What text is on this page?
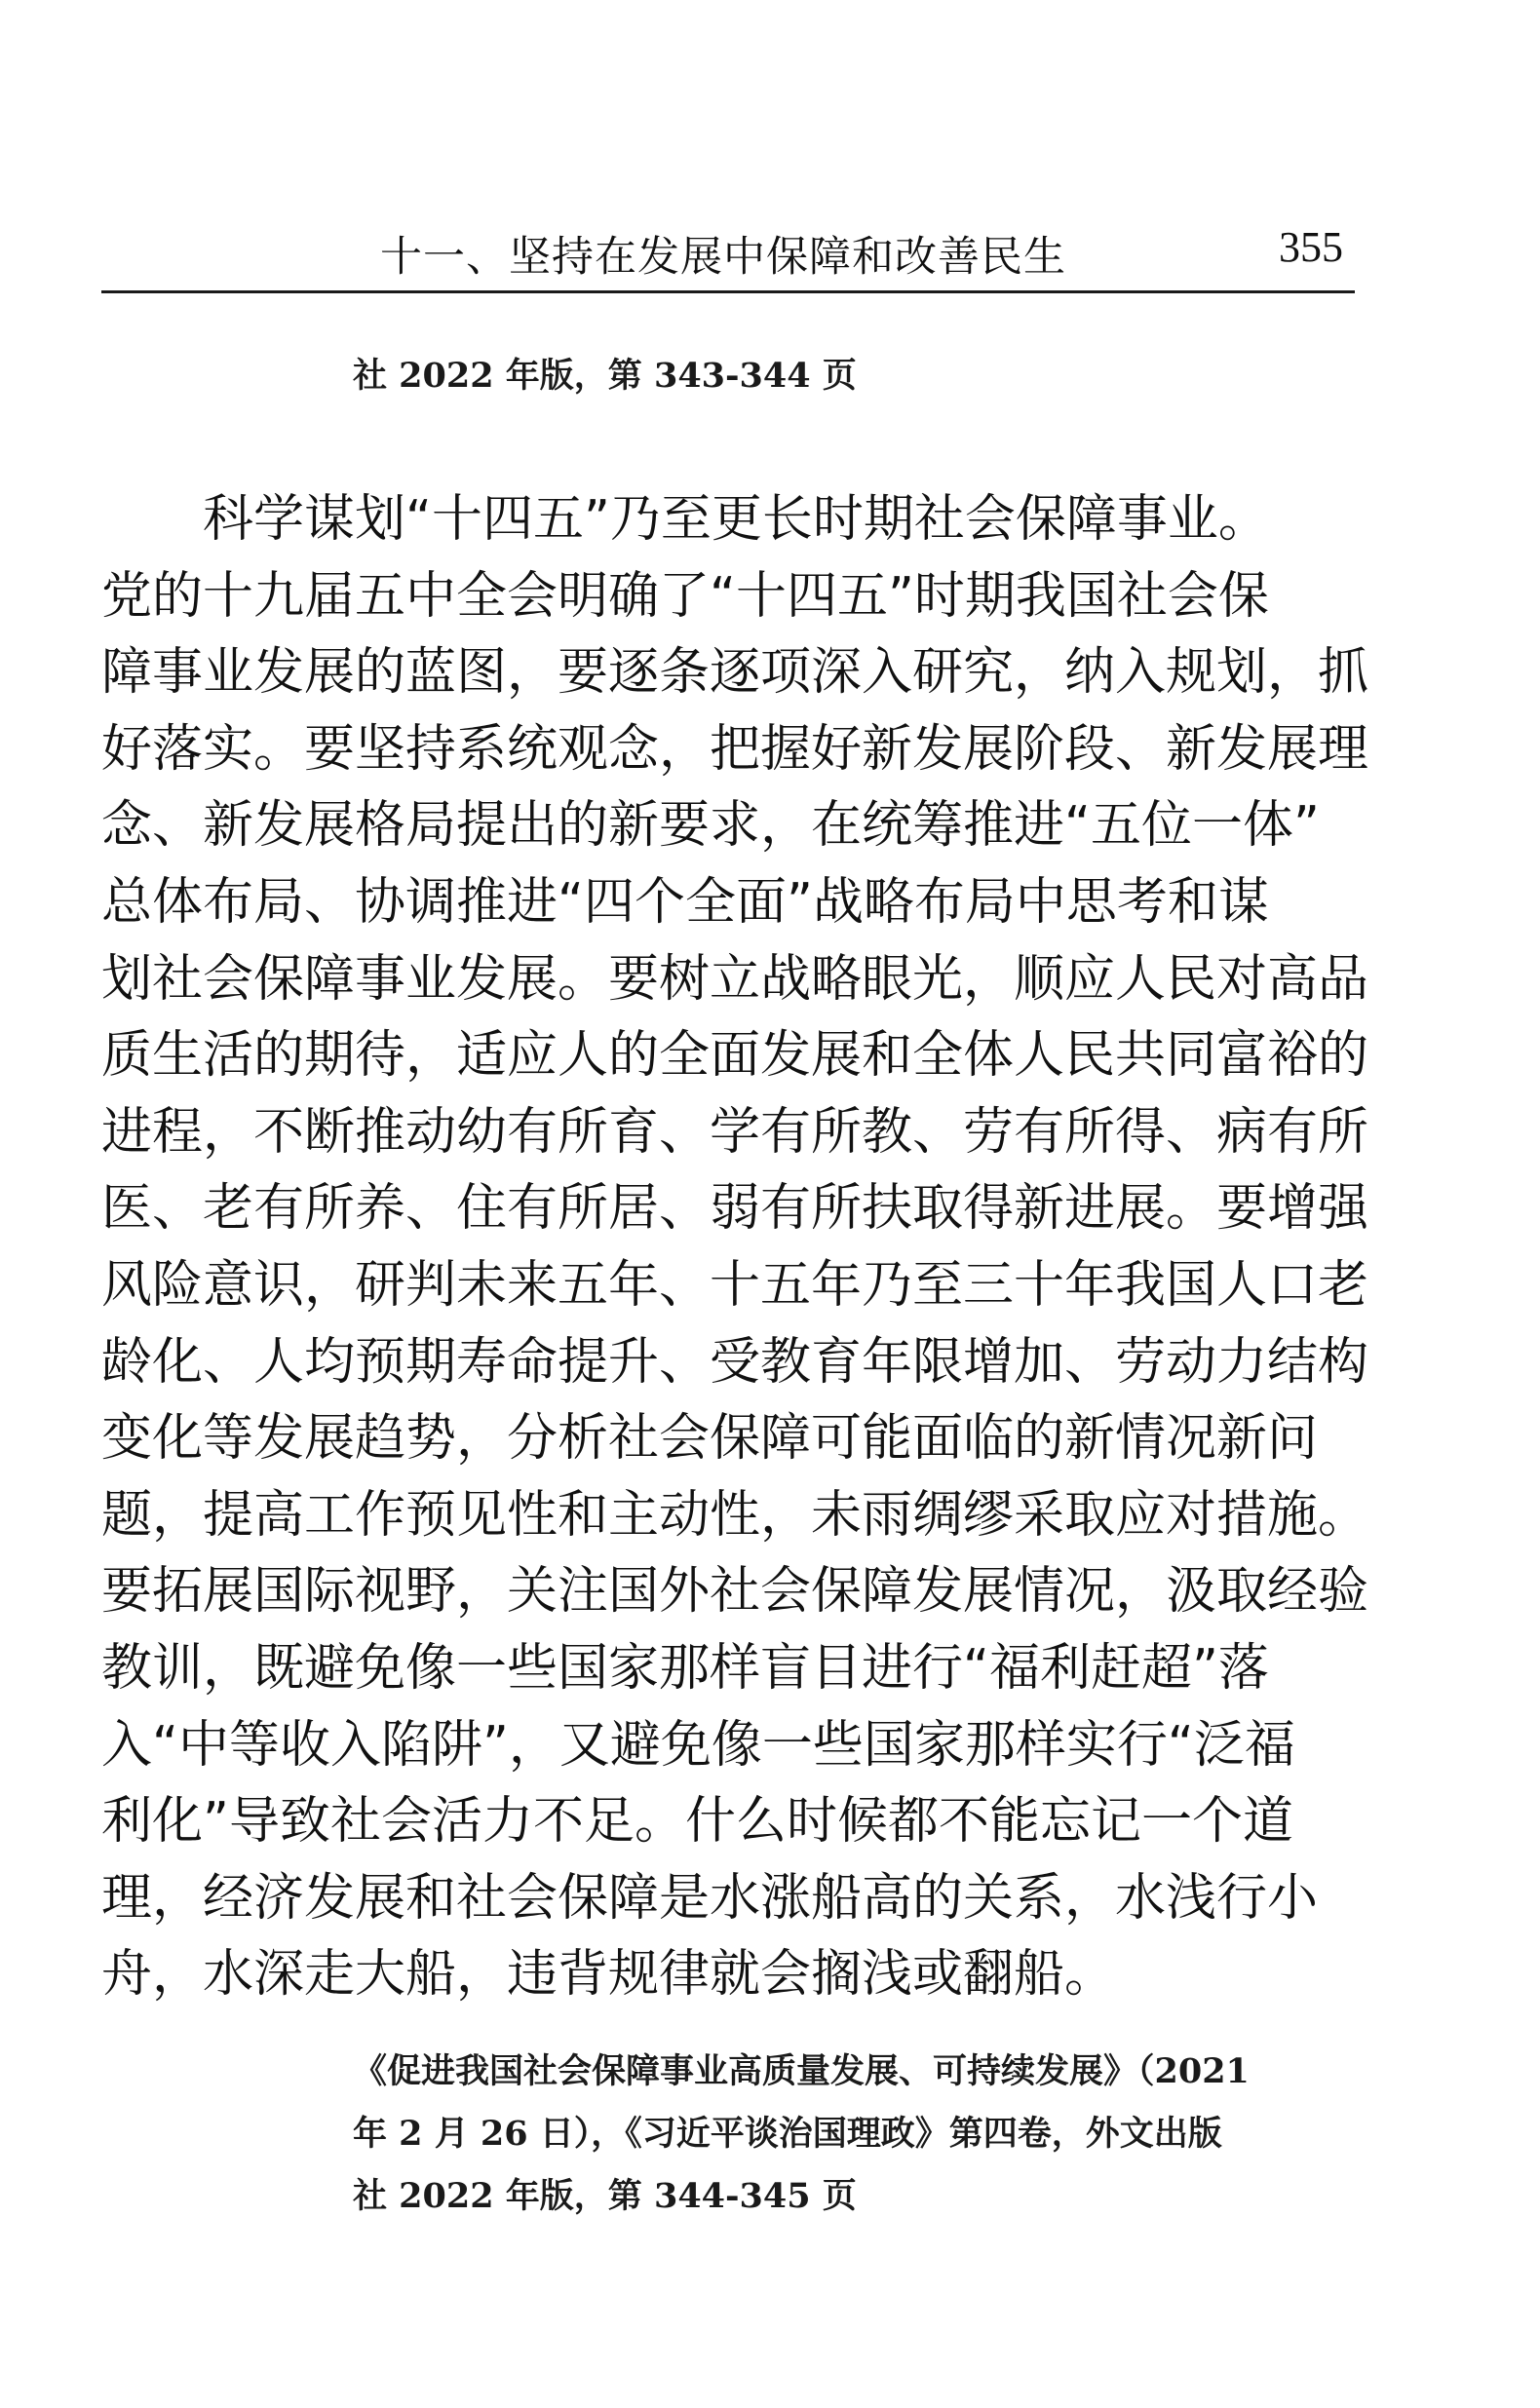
十一、坚持在发展中保障和改善民生	355
社 2022 年版，第 343-344 页
科学谋划“十四五”乃至更长时期社会保障事业。
党的十九届五中全会明确了“十四五”时期我国社会保
障事业发展的蓝图，要逐条逐项深入研究，纳入规划，抓
好落实。要坚持系统观念，把握好新发展阶段、新发展理
念、新发展格局提出的新要求，在统筹推进“五位一体”
总体布局、协调推进“四个全面”战略布局中思考和谋
划社会保障事业发展。要树立战略眼光，顺应人民对高品
质生活的期待，适应人的全面发展和全体人民共同富裕的
进程，不断推动幼有所育、学有所教、劳有所得、病有所
医、老有所养、住有所居、弱有所扶取得新进展。要增强
风险意识，研判未来五年、十五年乃至三十年我国人口老
龄化、人均预期寿命提升、受教育年限增加、劳动力结构
变化等发展趋势，分析社会保障可能面临的新情况新问
题，提高工作预见性和主动性，未雨绸缪采取应对措施。
要拓展国际视野，关注国外社会保障发展情况，汲取经验
教训，既避免像一些国家那样盲目进行“福利赶超”落
入“中等收入陷阱”，又避免像一些国家那样实行“泛福
利化”导致社会活力不足。什么时候都不能忘记一个道
理，经济发展和社会保障是水涨船高的关系，水浅行小
舟，水深走大船，违背规律就会搁浅或翻船。
《促进我国社会保障事业高质量发展、可持续发展》（2021
年 2 月 26 日），《习近平谈治国理政》第四卷，外文出版
社 2022 年版，第 344-345 页
